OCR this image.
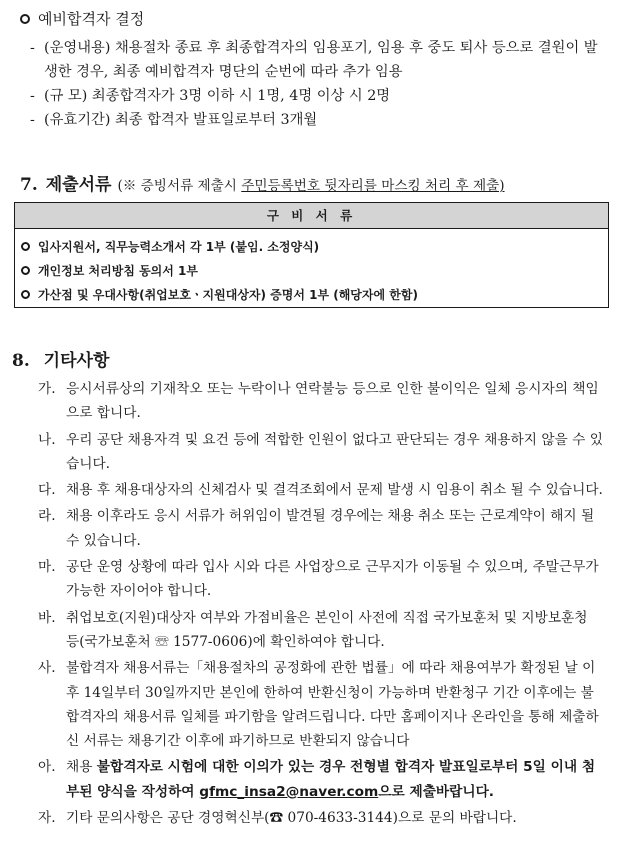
예비합격자 결정
- (운영내용) 채용절차 종료 후 최종합격자의 임용포기, 임용 후 중도 퇴사 등으로 결원이 발생한 경우, 최종 예비합격자 명단의 순번에 따라 추가 임용
- (규 모) 최종합격자가 3명 이하 시 1명, 4명 이상 시 2명
- (유효기간) 최종 합격자 발표일로부터 3개월
7. 제출서류 (※ 증빙서류 제출시 주민등록번호 뒷자리를 마스킹 처리 후 제출)
구 비 서 류
입사지원서, 직무능력소개서 각 1부 (붙임. 소정양식)
개인정보 처리방침 동의서 1부
가산점 및 우대사항(취업보호ㆍ지원대상자) 증명서 1부 (해당자에 한함)
8. 기타사항
가. 응시서류상의 기재착오 또는 누락이나 연락불능 등으로 인한 불이익은 일체 응시자의 책임으로 합니다.
나. 우리 공단 채용자격 및 요건 등에 적합한 인원이 없다고 판단되는 경우 채용하지 않을 수 있습니다.
다. 채용 후 채용대상자의 신체검사 및 결격조회에서 문제 발생 시 임용이 취소 될 수 있습니다.
라. 채용 이후라도 응시 서류가 허위임이 발견될 경우에는 채용 취소 또는 근로계약이 해지 될 수 있습니다.
마. 공단 운영 상황에 따라 입사 시와 다른 사업장으로 근무지가 이동될 수 있으며, 주말근무가 가능한 자이어야 합니다.
바. 취업보호(지원)대상자 여부와 가점비율은 본인이 사전에 직접 국가보훈처 및 지방보훈청 등(국가보훈처 ☏ 1577-0606)에 확인하여야 합니다.
사. 불합격자 채용서류는「채용절차의 공정화에 관한 법률」에 따라 채용여부가 확정된 날 이후 14일부터 30일까지만 본인에 한하여 반환신청이 가능하며 반환청구 기간 이후에는 불합격자의 채용서류 일체를 파기함을 알려드립니다. 다만 홈페이지나 온라인을 통해 제출하신 서류는 채용기간 이후에 파기하므로 반환되지 않습니다
아. 채용 불합격자로 시험에 대한 이의가 있는 경우 전형별 합격자 발표일로부터 5일 이내 첨부된 양식을 작성하여 gfmc_insa2@naver.com으로 제출바랍니다.
자. 기타 문의사항은 공단 경영혁신부(☎ 070-4633-3144)으로 문의 바랍니다.
